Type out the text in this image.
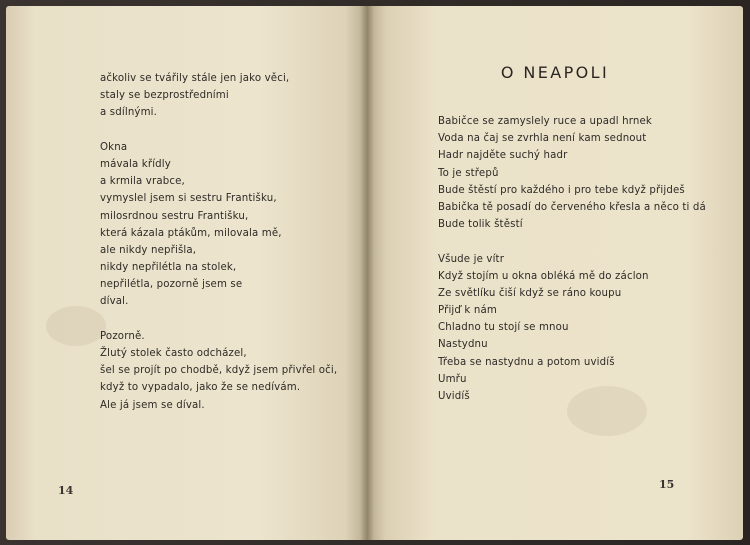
ačkoliv se tvářily stále jen jako věci,
staly se bezprostředními
a sdílnými.
Okna
mávala křídly
a krmila vrabce,
vymyslel jsem si sestru Františku,
milosrdnou sestru Františku,
která kázala ptákům, milovala mě,
ale nikdy nepřišla,
nikdy nepřilétla na stolek,
nepřilétla, pozorně jsem se
díval.
Pozorně.
Žlutý stolek často odcházel,
šel se projít po chodbě, když jsem přivřel oči,
když to vypadalo, jako že se nedívám.
Ale já jsem se díval.
14
O NEAPOLI
Babičce se zamyslely ruce a upadl hrnek
Voda na čaj se zvrhla není kam sednout
Hadr najděte suchý hadr
To je střepů
Bude štěstí pro každého i pro tebe když přijdeš
Babička tě posadí do červeného křesla a něco ti dá
Bude tolik štěstí
Všude je vítr
Když stojím u okna obléká mě do záclon
Ze světlíku čiší když se ráno koupu
Přijď k nám
Chladno tu stojí se mnou
Nastydnu
Třeba se nastydnu a potom uvidíš
Umřu
Uvidíš
15
